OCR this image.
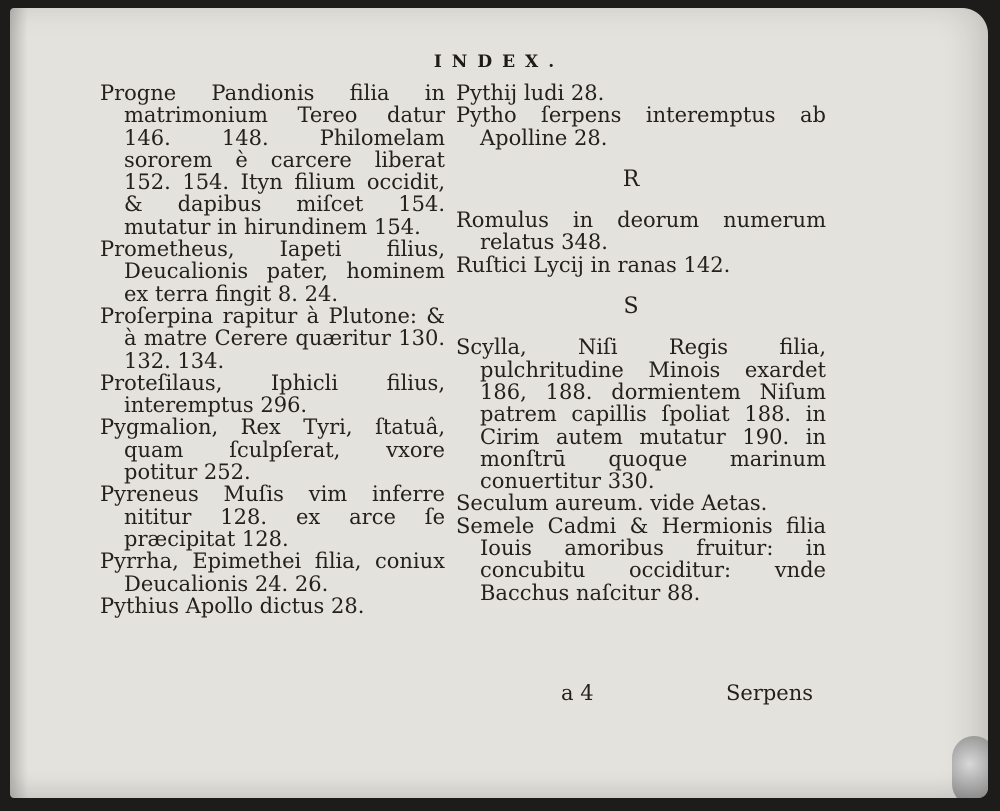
INDEX.

Progne Pandionis filia in matrimonium Tereo datur 146. 148. Philomelam sororem è carcere liberat 152. 154. Ityn filium occidit, & dapibus miſcet 154. mutatur in hirundinem 154.

Prometheus, Iapeti filius, Deucalionis pater, hominem ex terra fingit 8. 24.

Proſerpina rapitur à Plutone: & à matre Cerere quæritur 130. 132. 134.

Proteſilaus, Iphicli filius, interemptus 296.

Pygmalion, Rex Tyri, ſtatuâ, quam ſculpſerat, vxore potitur 252.

Pyreneus Muſis vim inferre nititur 128. ex arce ſe præcipitat 128.

Pyrrha, Epimethei filia, coniux Deucalionis 24. 26.

Pythius Apollo dictus 28.

Pythij ludi 28.

Pytho ſerpens interemptus ab Apolline 28.

R

Romulus in deorum numerum relatus 348.

Ruſtici Lycij in ranas 142.

S

Scylla, Niſi Regis filia, pulchritudine Minois exardet 186, 188. dormientem Niſum patrem capillis ſpoliat 188. in Cirim autem mutatur 190. in monſtrū quoque marinum conuertitur 330.

Seculum aureum. vide Aetas.

Semele Cadmi & Hermionis filia Iouis amoribus fruitur: in concubitu occiditur: vnde Bacchus naſcitur 88.

a 4	Serpens
